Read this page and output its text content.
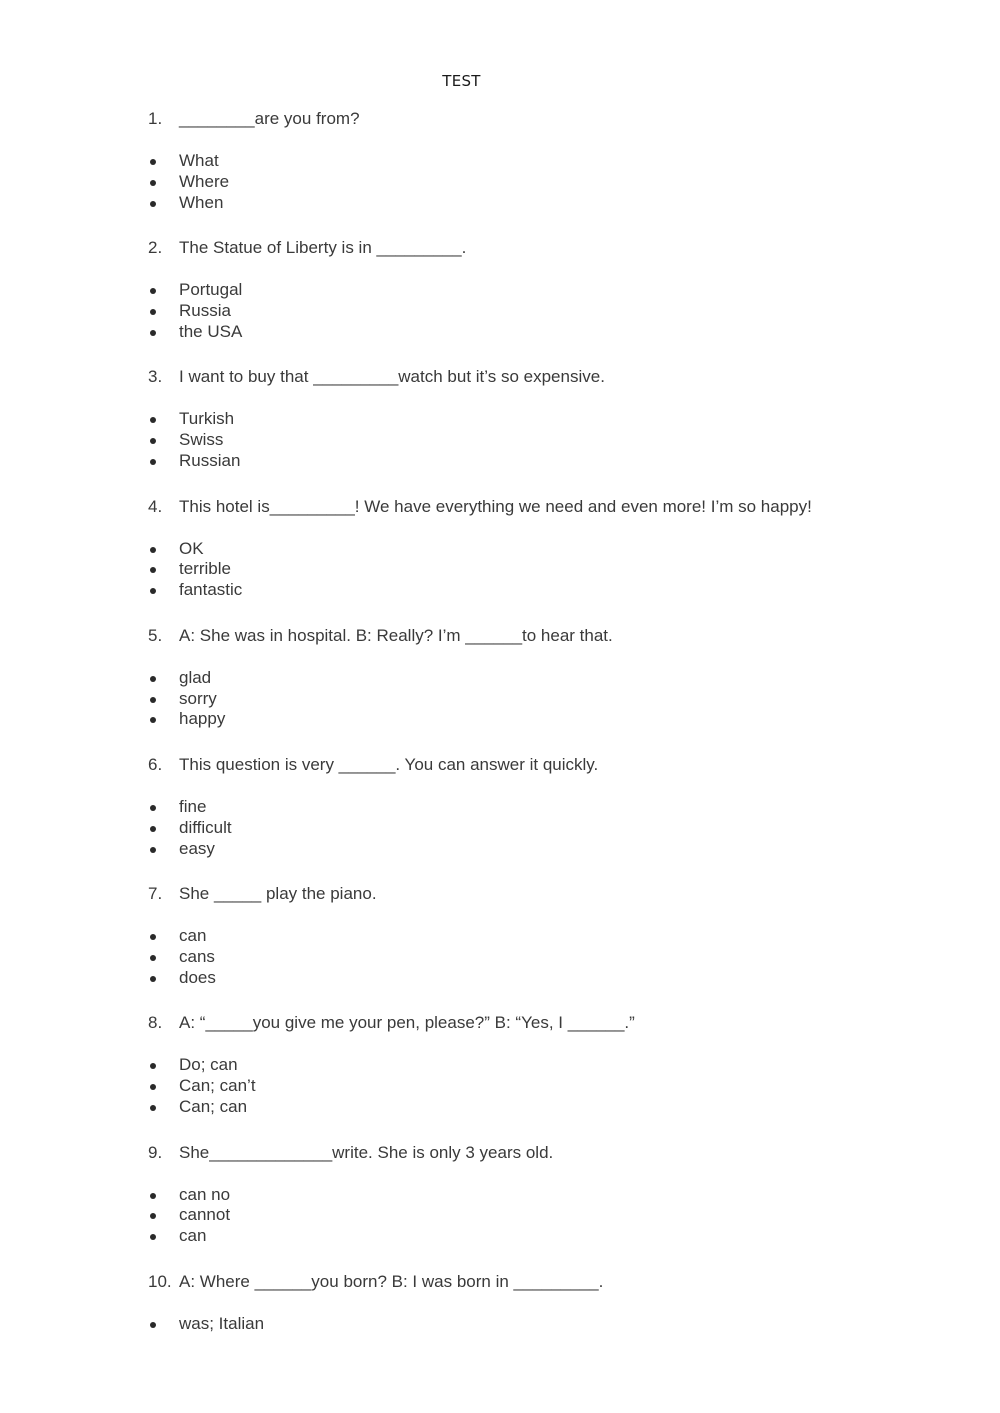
TEST
1. ________are you from?
What
Where
When
2. The Statue of Liberty is in _________.
Portugal
Russia
the USA
3. I want to buy that _________watch but it’s so expensive.
Turkish
Swiss
Russian
4. This hotel is_________! We have everything we need and even more! I’m so happy!
OK
terrible
fantastic
5. A: She was in hospital. B: Really? I’m ______to hear that.
glad
sorry
happy
6. This question is very ______. You can answer it quickly.
fine
difficult
easy
7. She _____ play the piano.
can
cans
does
8. A: “_____you give me your pen, please?” B: “Yes, I ______.”
Do; can
Can; can’t
Can; can
9. She_____________write. She is only 3 years old.
can no
cannot
can
10. A: Where ______you born? B: I was born in _________.
was; Italian
